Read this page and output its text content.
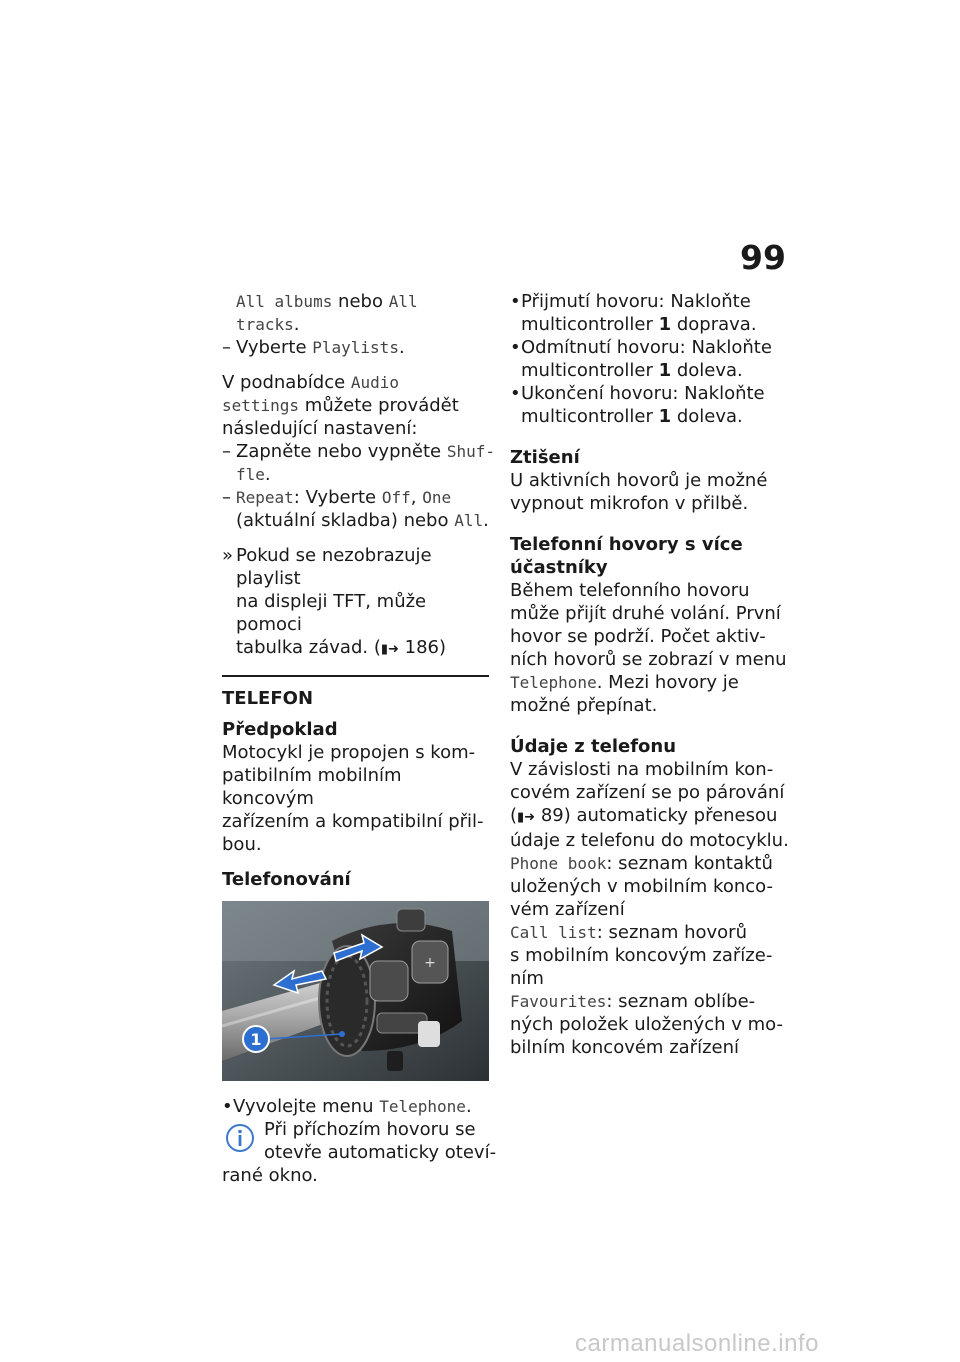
99
All albums nebo All
tracks.
– Vyberte Playlists.
V podnabídce Audio
settings můžete provádět
následující nastavení:
– Zapněte nebo vypněte Shuf-
fle.
– Repeat: Vyberte Off, One
(aktuální skladba) nebo All.
» Pokud se nezobrazuje playlist
na displeji TFT, může pomoci
tabulka závad. (▮➜ 186)
TELEFON
Předpoklad
Motocykl je propojen s kom-
patibilním mobilním koncovým
zařízením a kompatibilní přil-
bou.
Telefonování
+
1
• Vyvolejte menu Telephone.
Při příchozím hovoru se
otevře automaticky oteví-
rané okno.
• Přijmutí hovoru: Nakloňte
multicontroller 1 doprava.
• Odmítnutí hovoru: Nakloňte
multicontroller 1 doleva.
• Ukončení hovoru: Nakloňte
multicontroller 1 doleva.
Ztišení
U aktivních hovorů je možné
vypnout mikrofon v přilbě.
Telefonní hovory s více
účastníky
Během telefonního hovoru
může přijít druhé volání. První
hovor se podrží. Počet aktiv-
ních hovorů se zobrazí v menu
Telephone. Mezi hovory je
možné přepínat.
Údaje z telefonu
V závislosti na mobilním kon-
covém zařízení se po párování
(▮➜ 89) automaticky přenesou
údaje z telefonu do motocyklu.
Phone book: seznam kontaktů
uložených v mobilním konco-
vém zařízení
Call list: seznam hovorů
s mobilním koncovým zaříze-
ním
Favourites: seznam oblíbe-
ných položek uložených v mo-
bilním koncovém zařízení
carmanualsonline.info
